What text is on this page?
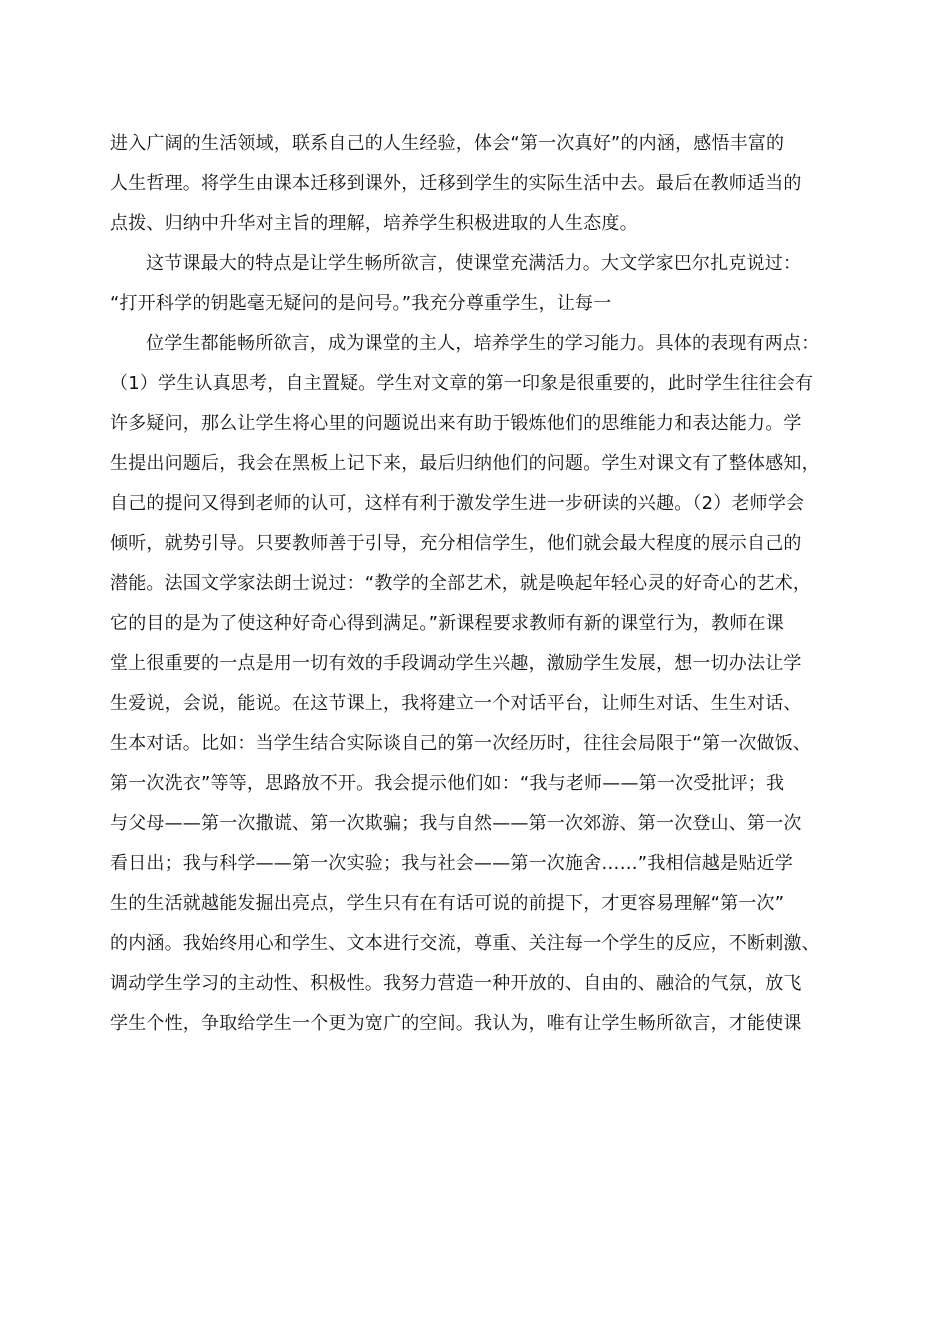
进入广阔的生活领域，联系自己的人生经验，体会“第一次真好”的内涵，感悟丰富的
人生哲理。将学生由课本迁移到课外，迁移到学生的实际生活中去。最后在教师适当的
点拨、归纳中升华对主旨的理解，培养学生积极进取的人生态度。
这节课最大的特点是让学生畅所欲言，使课堂充满活力。大文学家巴尔扎克说过：
“打开科学的钥匙毫无疑问的是问号。”我充分尊重学生，让每一
位学生都能畅所欲言，成为课堂的主人，培养学生的学习能力。具体的表现有两点：
（1）学生认真思考，自主置疑。学生对文章的第一印象是很重要的，此时学生往往会有
许多疑问，那么让学生将心里的问题说出来有助于锻炼他们的思维能力和表达能力。学
生提出问题后，我会在黑板上记下来，最后归纳他们的问题。学生对课文有了整体感知，
自己的提问又得到老师的认可，这样有利于激发学生进一步研读的兴趣。（2）老师学会
倾听，就势引导。只要教师善于引导，充分相信学生，他们就会最大程度的展示自己的
潜能。法国文学家法朗士说过：“教学的全部艺术，就是唤起年轻心灵的好奇心的艺术，
它的目的是为了使这种好奇心得到满足。”新课程要求教师有新的课堂行为，教师在课
堂上很重要的一点是用一切有效的手段调动学生兴趣，激励学生发展，想一切办法让学
生爱说，会说，能说。在这节课上，我将建立一个对话平台，让师生对话、生生对话、
生本对话。比如：当学生结合实际谈自己的第一次经历时，往往会局限于“第一次做饭、
第一次洗衣”等等，思路放不开。我会提示他们如：“我与老师——第一次受批评；我
与父母——第一次撒谎、第一次欺骗；我与自然——第一次郊游、第一次登山、第一次
看日出；我与科学——第一次实验；我与社会——第一次施舍……”我相信越是贴近学
生的生活就越能发掘出亮点，学生只有在有话可说的前提下，才更容易理解“第一次”
的内涵。我始终用心和学生、文本进行交流，尊重、关注每一个学生的反应，不断刺激、
调动学生学习的主动性、积极性。我努力营造一种开放的、自由的、融洽的气氛，放飞
学生个性，争取给学生一个更为宽广的空间。我认为，唯有让学生畅所欲言，才能使课
